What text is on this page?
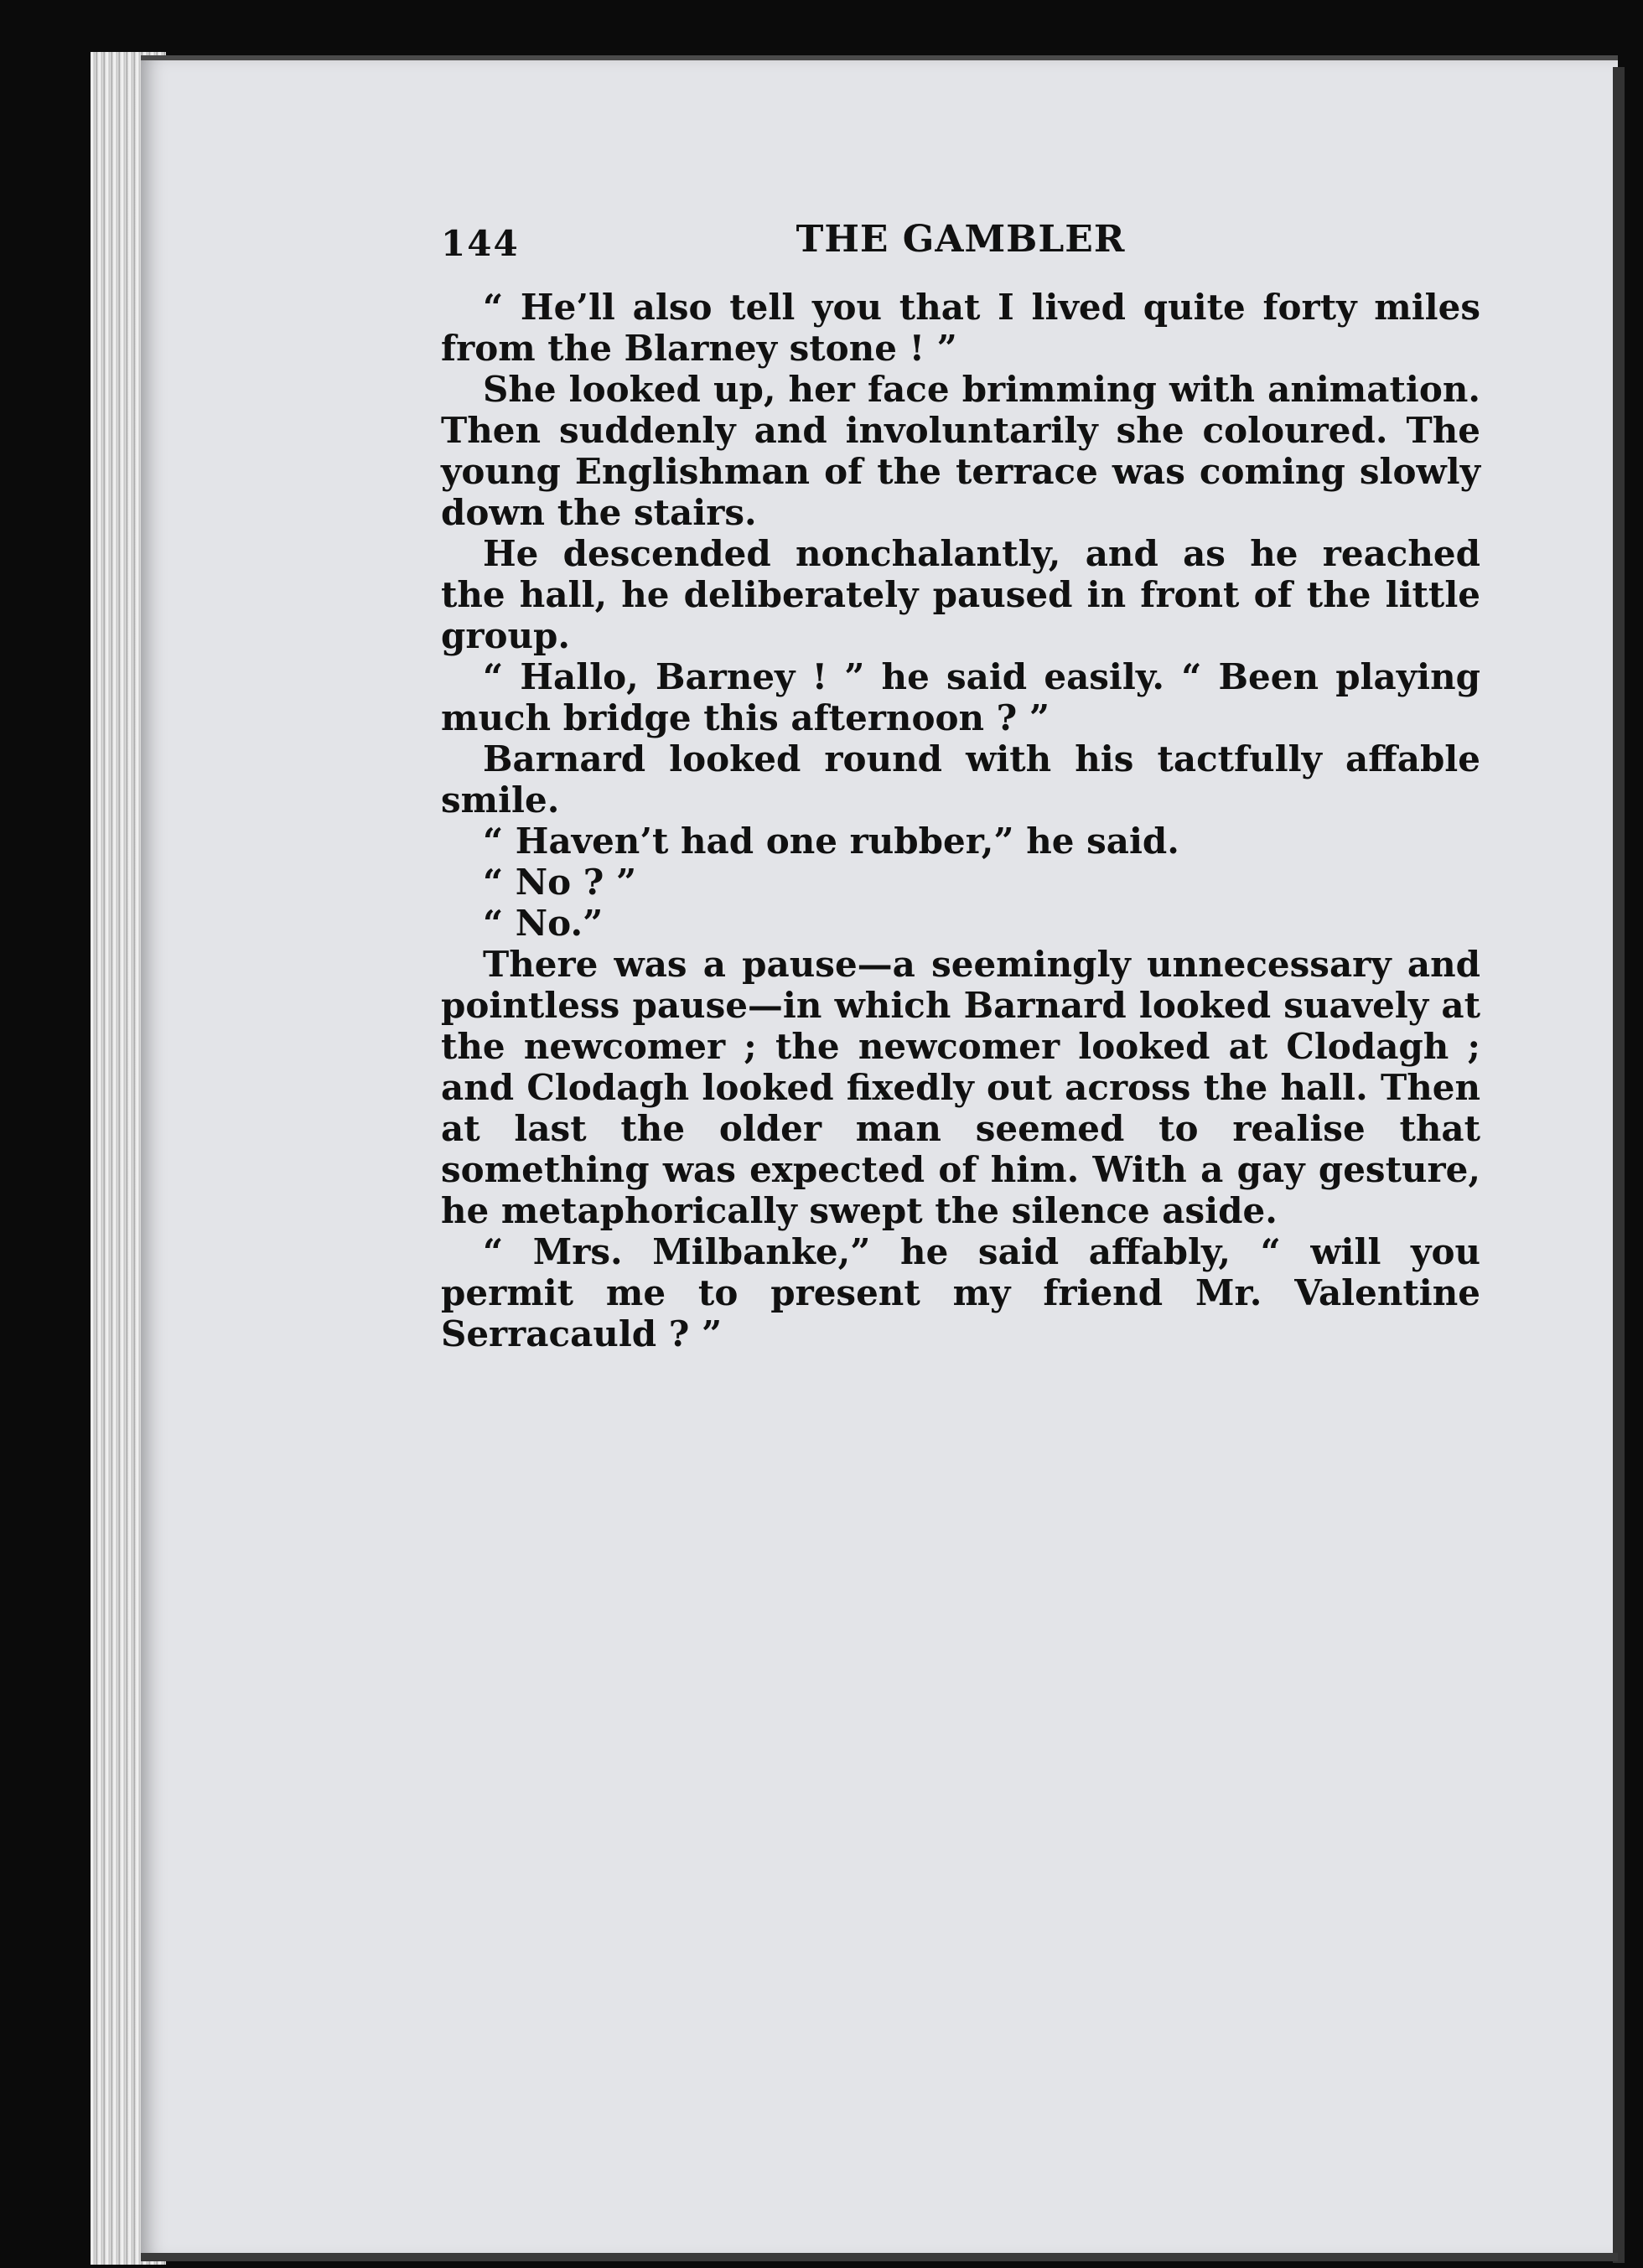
144	THE GAMBLER

“ He’ll also tell you that I lived quite forty miles from the Blarney stone ! ”

She looked up, her face brimming with animation. Then suddenly and involuntarily she coloured. The young Englishman of the terrace was coming slowly down the stairs.

He descended nonchalantly, and as he reached the hall, he deliberately paused in front of the little group.

“ Hallo, Barney ! ” he said easily. “ Been playing much bridge this afternoon ? ”

Barnard looked round with his tactfully affable smile.

“ Haven’t had one rubber,” he said.

“ No ? ”

“ No.”

There was a pause—a seemingly unnecessary and pointless pause—in which Barnard looked suavely at the newcomer ; the newcomer looked at Clodagh ; and Clodagh looked fixedly out across the hall. Then at last the older man seemed to realise that something was expected of him. With a gay gesture, he metaphorically swept the silence aside.

“ Mrs. Milbanke,” he said affably, “ will you permit me to present my friend Mr. Valentine Serracauld ? ”
